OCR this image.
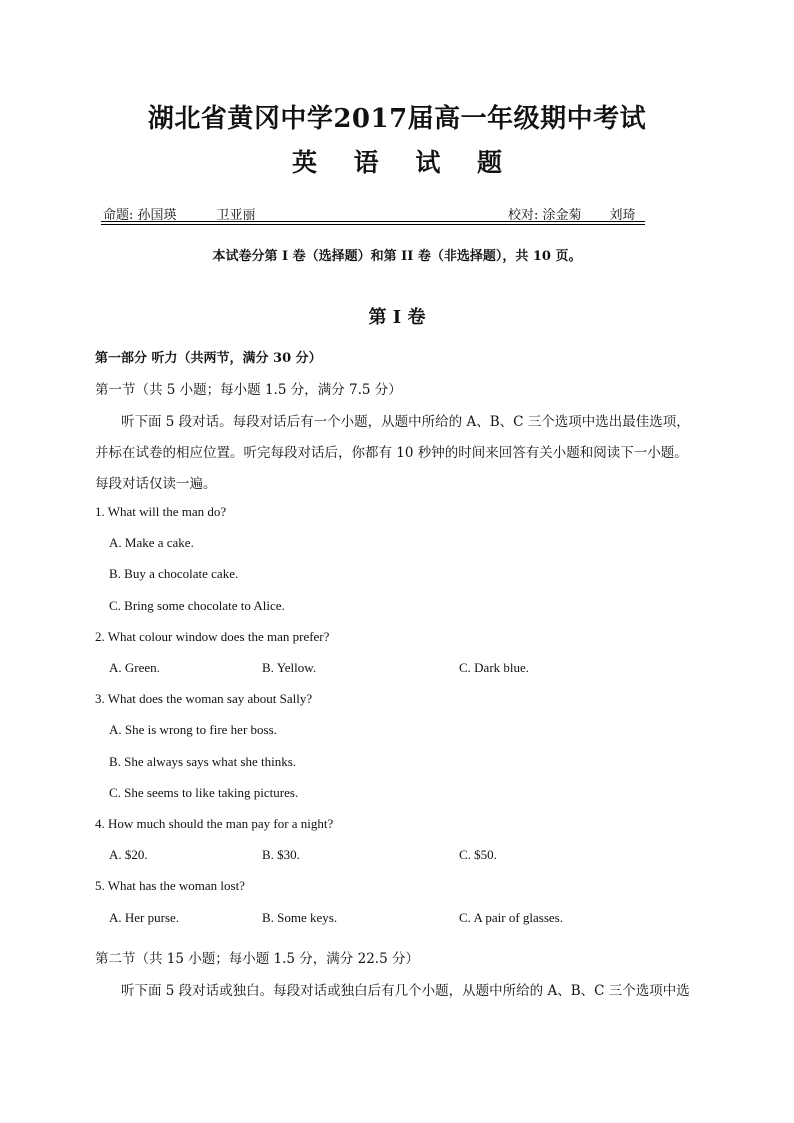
湖北省黄冈中学2017届高一年级期中考试
英 语 试 题
命题: 孙国瑛	卫亚丽	校对: 涂金菊 刘琦
本试卷分第 I 卷（选择题）和第 II 卷（非选择题），共 10 页。
第 I 卷
第一部分 听力（共两节，满分 30 分）
第一节（共 5 小题；每小题 1.5 分，满分 7.5 分）
听下面 5 段对话。每段对话后有一个小题，从题中所给的 A、B、C 三个选项中选出最佳选项，
并标在试卷的相应位置。听完每段对话后，你都有 10 秒钟的时间来回答有关小题和阅读下一小题。
每段对话仅读一遍。
1. What will the man do?
A. Make a cake.
B. Buy a chocolate cake.
C. Bring some chocolate to Alice.
2. What colour window does the man prefer?
A. Green.	B. Yellow.	C. Dark blue.
3. What does the woman say about Sally?
A. She is wrong to fire her boss.
B. She always says what she thinks.
C. She seems to like taking pictures.
4. How much should the man pay for a night?
A. $20.	B. $30.	C. $50.
5. What has the woman lost?
A. Her purse.	B. Some keys.	C. A pair of glasses.
第二节（共 15 小题；每小题 1.5 分，满分 22.5 分）
听下面 5 段对话或独白。每段对话或独白后有几个小题，从题中所给的 A、B、C 三个选项中选
